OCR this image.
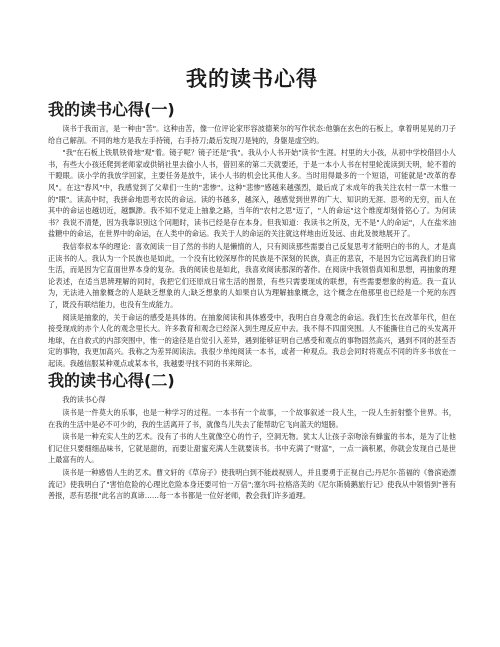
我的读书心得
我的读书心得(一)

读书于我而言，是一种由"苦"。这种由苦，像一位评论家形容波德莱尔的写作状态:他躺在玄色的石板上，拿着明晃晃的刀子给自己解剖。不同的地方是我左手持镜，右手持刀;最后发现刀是钝的，身躯是虚空的。

"我"在石板上铁肌铁骨地"观"着。镜子呢？镜子还是"我"。我从小人书开始"读书"生涯。村里的大小孩，从初中学校借回小人书，有些大小孩还爬到老师家或供销社里去偷小人书，借回来的第二天就要还，于是一本小人书在村里轮流读到天明，轮不着的干瞪眼。读小学的我放学回家，主要任务是放牛，读小人书的机会比其他人多。当时用得最多的一个短语，可能就是"改革的春风"。在这"春风"中，我感觉到了父辈们一生的"悲惨"。这种"悲惨"感越来越强烈，最后成了未成年的我关注农村一草一木惟一的"眼"。读高中时，我拼命地思考农民的命运。读的书越多，越深入，越感觉到世界的广大、知识的无涯、思考的无穷，而人在其中的命运也越切近，越飘渺。我不知不觉走上抽象之路，当年的"农村之思"迈了，"人的命运"这个维度却刻骨铭心了。为何读书？我说不清楚，因为我靠识别这个问题时，读书已经是存在本身。但我知道：我读书之所及，无不是"人的命运"，人在盐米油盐糖中的命运，在世界中的命运，在人类中的命运。我关于人的命运的关注就这样地由近及远、由此及彼地展开了。

我信奉叔本华的理论：喜欢阅读一目了然的书的人是懒惰的人，只有阅读那些需要自己反复思考才能明白的书的人，才是真正读书的人。我认为一个民族也是如此，一个没有比较深厚作的民族是不深刻的民族，真正的悲哀，不是因为它远离我们的日常生活，而是因为它直面世界本身的复杂。我的阅读也是如此，我喜欢阅读那深的著作。在阅读中我领悟真知和思想，再抽象的理论表述，在适当思辨理解的同时，我把它们还原成日常生活的图景，有些只需要现成的联想，有些需要想象的构造。我一直认为，无法进入抽象概念的人是缺乏想象的人;缺乏想象的人如果自认为理解抽象概念，这个概念在他那里也已经是一个死的东西了，既没有联结能力，也没有生成能力。

阅读是抽象的，关于命运的感受是具体的。在抽象阅读和具体感受中，我明白自身观念的命运。我们生长在改革年代，但在接受现成的亦个人化的观念里长大。许多教育和观念已经深入到生理反应中去。我不得不四面突围。人不能撕住自己的头发离开地球，在自救式的内部突围中，惟一的途径是自觉引入差异，遇到能够证明自己感受和观点的事物固然高兴，遇到不同的甚至否定的事物，我更加高兴。我称之为差异阅读法。我很少单纯阅读一本书，或者一种观点。我总会同时将观点不同的许多书放在一起读。我越信服某种观点或某本书，我越要寻找不同的书来辩论。

我的读书心得(二)

我的读书心得

读书是一件莫大的乐事，也是一种学习的过程。一本书有一个故事，一个故事叙述一段人生，一段人生折射整个世界。书，在我的生活中是必不可少的，我的生活离开了书，就像鸟儿失去了能帮助它飞向蓝天的翅膀。

读书是一种充实人生的艺术。没有了书的人生就像空心的竹子，空洞无物。犹太人让孩子亲吻涂有蜂蜜的书本，是为了让他们记住只要细细品味书，它就是甜的，而要让甜蜜充满人生就要读书。书中充满了"财富"，一点一滴积累，你就会发现自己是世上最富有的人。

读书是一种感悟人生的艺术。曹文轩的《草房子》使我明白到不能歧视别人，并且要勇于正视自己;丹尼尔·笛福的《鲁滨逊漂流记》使我明白了"害怕危险的心理比危险本身还要可怕一万倍";塞尔玛·拉格洛芙的《尼尔斯骑鹅旅行记》使我从中领悟到"善有善报，恶有恶报"此名言的真谛……每一本书都是一位好老师，教会我们许多道理。
